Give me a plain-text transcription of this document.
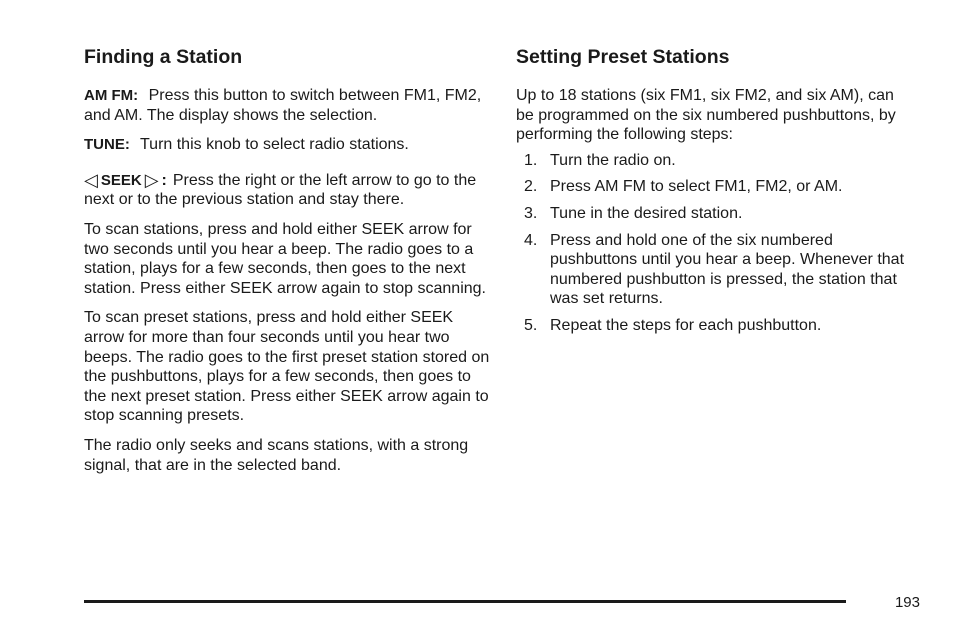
Finding a Station

AM FM: Press this button to switch between FM1, FM2, and AM. The display shows the selection.

TUNE: Turn this knob to select radio stations.

◁ SEEK ▷ : Press the right or the left arrow to go to the next or to the previous station and stay there.

To scan stations, press and hold either SEEK arrow for two seconds until you hear a beep. The radio goes to a station, plays for a few seconds, then goes to the next station. Press either SEEK arrow again to stop scanning.

To scan preset stations, press and hold either SEEK arrow for more than four seconds until you hear two beeps. The radio goes to the first preset station stored on the pushbuttons, plays for a few seconds, then goes to the next preset station. Press either SEEK arrow again to stop scanning presets.

The radio only seeks and scans stations, with a strong signal, that are in the selected band.

Setting Preset Stations

Up to 18 stations (six FM1, six FM2, and six AM), can be programmed on the six numbered pushbuttons, by performing the following steps:

1. Turn the radio on.
2. Press AM FM to select FM1, FM2, or AM.
3. Tune in the desired station.
4. Press and hold one of the six numbered pushbuttons until you hear a beep. Whenever that numbered pushbutton is pressed, the station that was set returns.
5. Repeat the steps for each pushbutton.
193
